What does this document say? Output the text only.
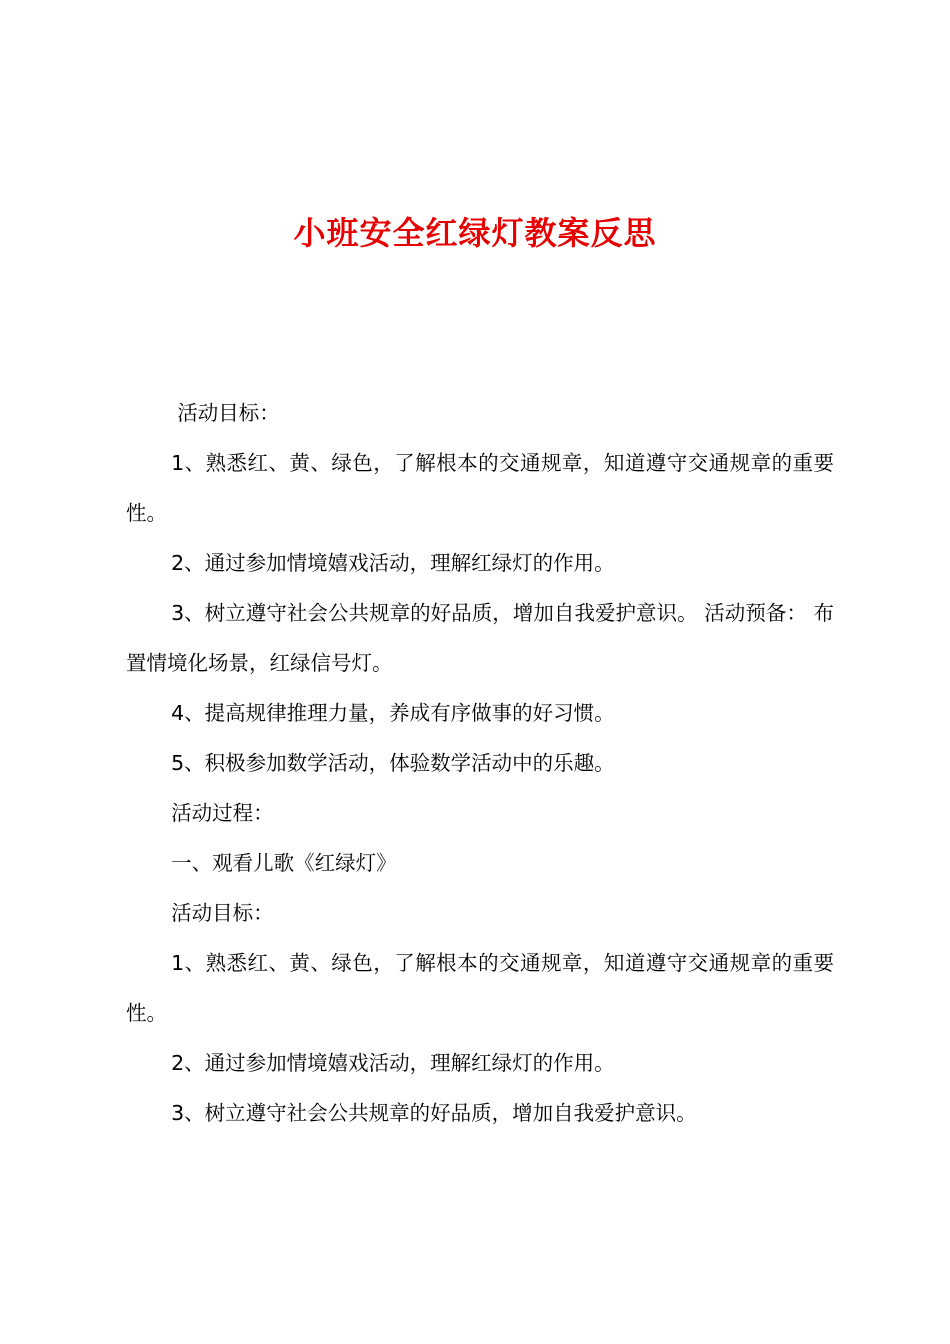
小班安全红绿灯教案反思

活动目标：

1、熟悉红、黄、绿色，了解根本的交通规章，知道遵守交通规章的重要性。

2、通过参加情境嬉戏活动，理解红绿灯的作用。

3、树立遵守社会公共规章的好品质，增加自我爱护意识。 活动预备： 布置情境化场景，红绿信号灯。

4、提高规律推理力量，养成有序做事的好习惯。

5、积极参加数学活动，体验数学活动中的乐趣。

活动过程：

一、观看儿歌《红绿灯》

活动目标：

1、熟悉红、黄、绿色，了解根本的交通规章，知道遵守交通规章的重要性。

2、通过参加情境嬉戏活动，理解红绿灯的作用。

3、树立遵守社会公共规章的好品质，增加自我爱护意识。
